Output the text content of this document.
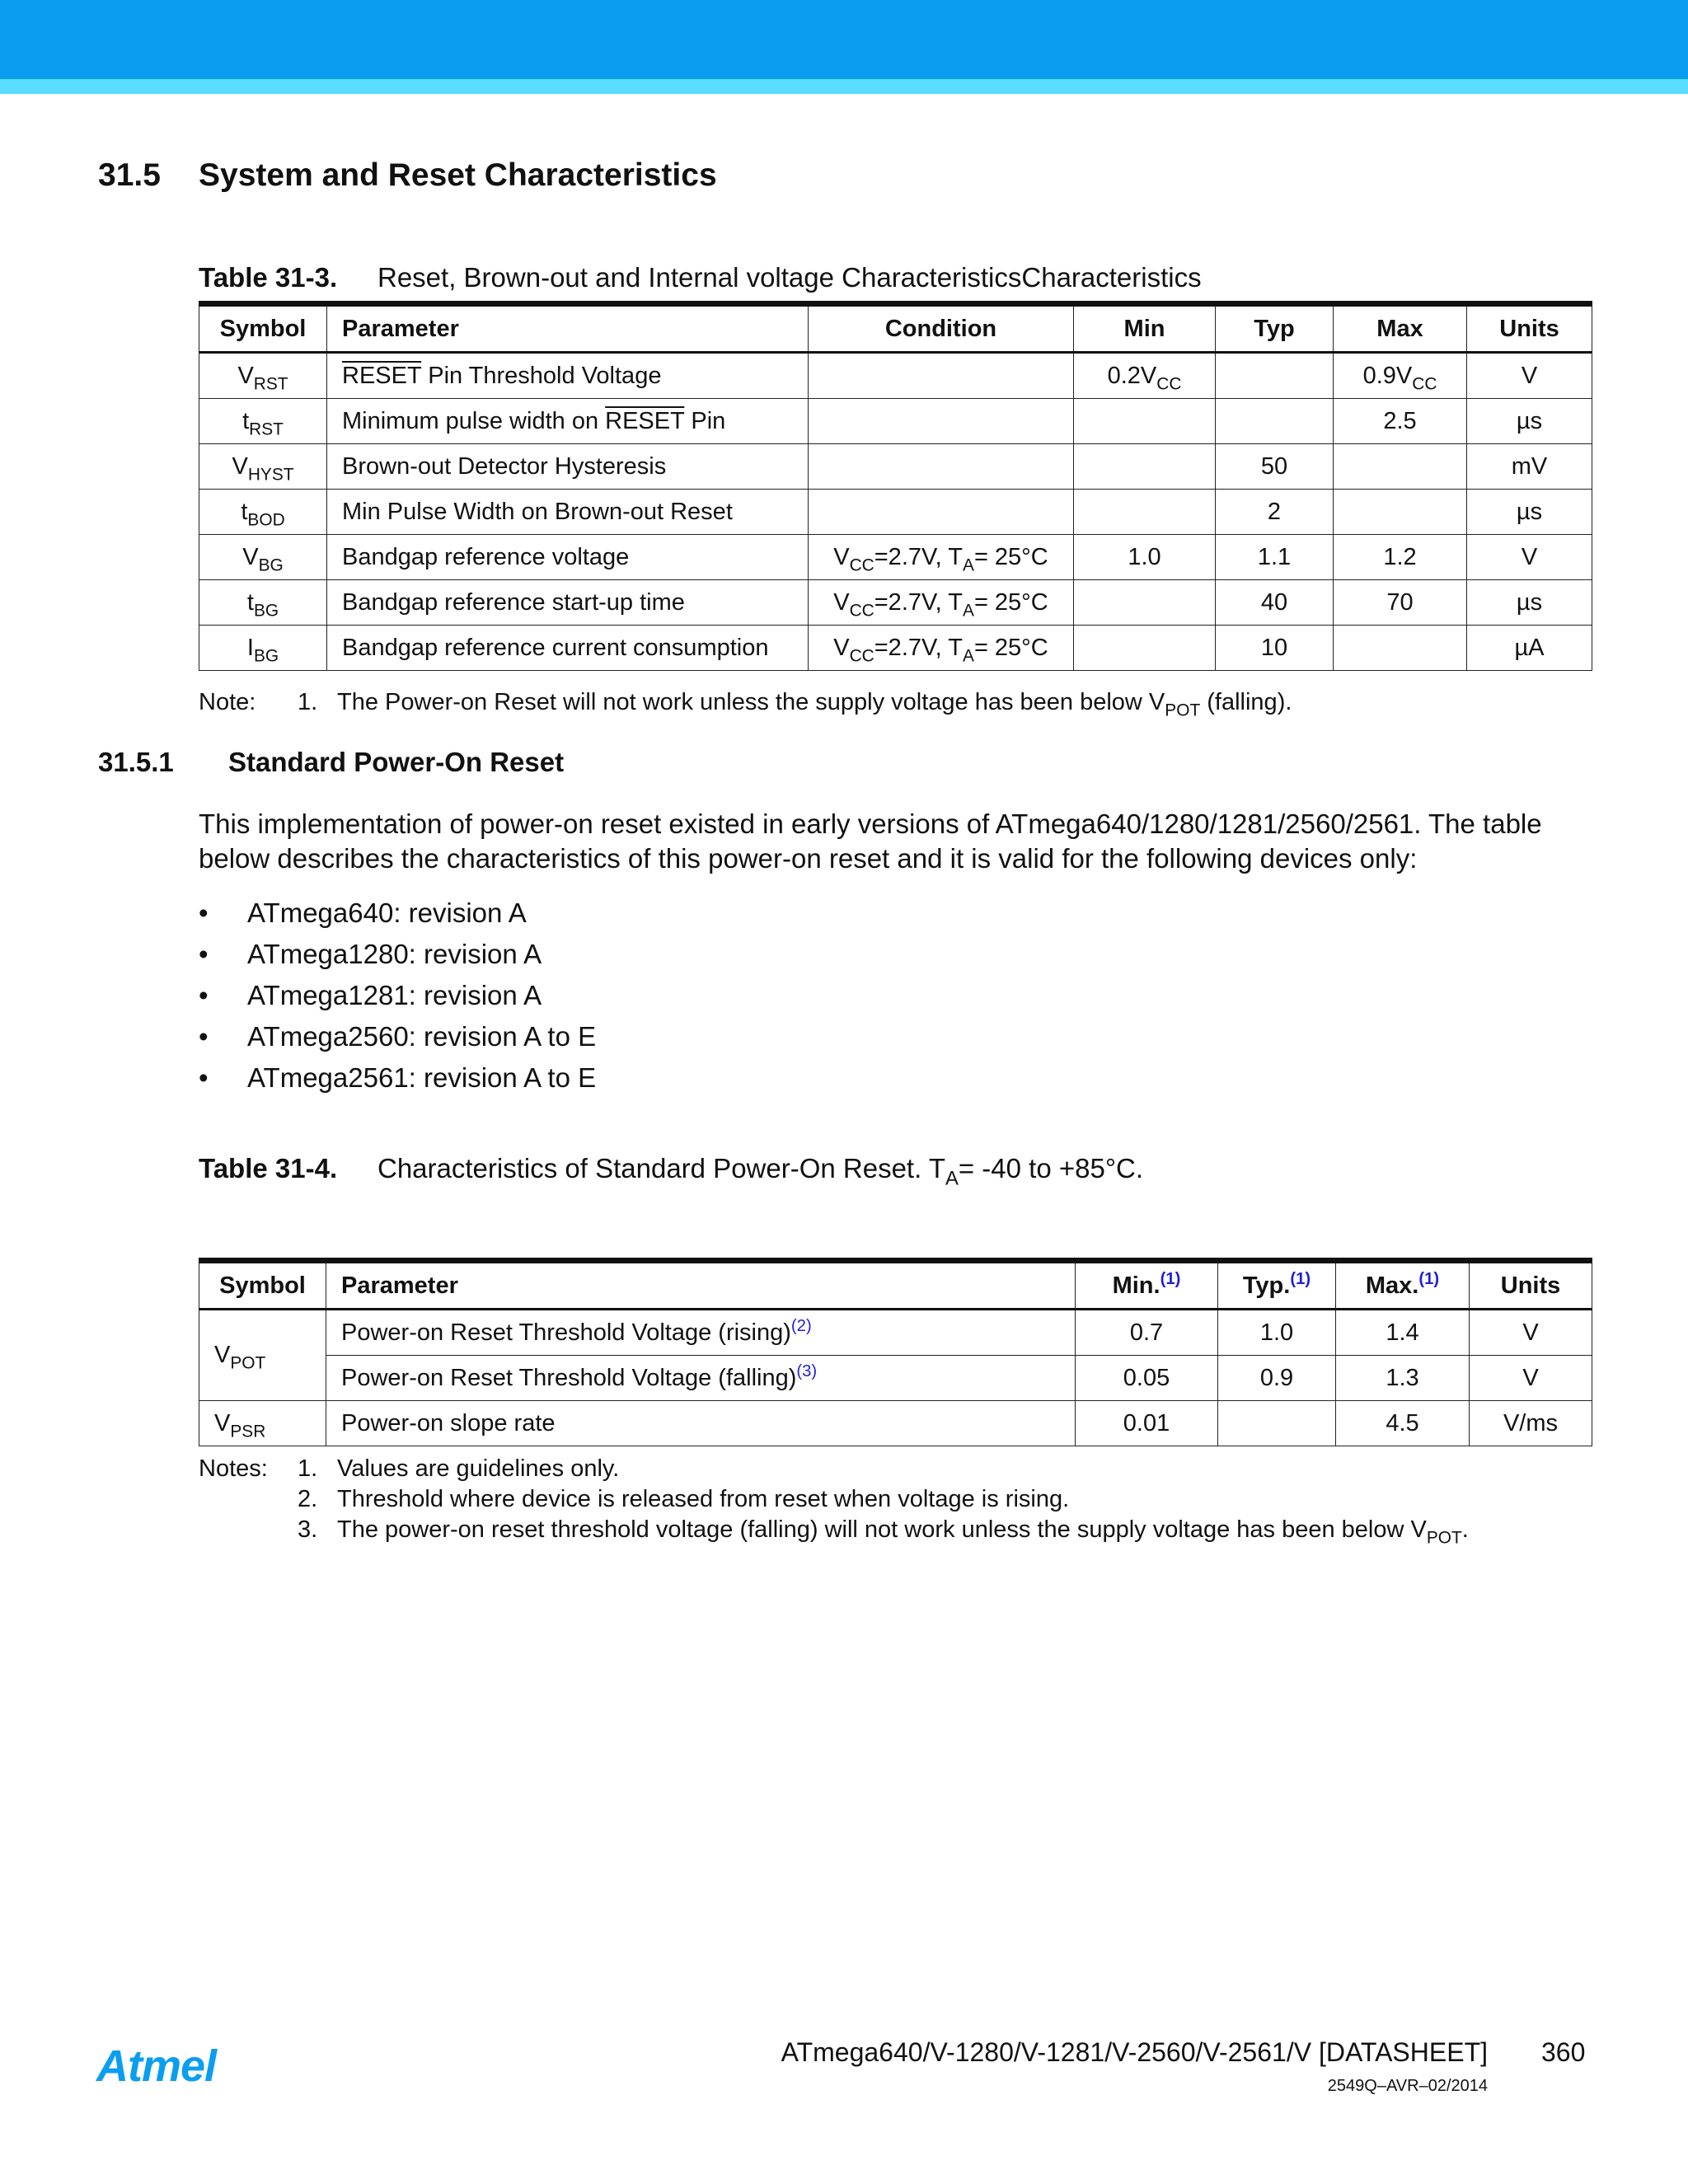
31.5 System and Reset Characteristics
Table 31-3. Reset, Brown-out and Internal voltage CharacteristicsCharacteristics
Symbol	Parameter	Condition	Min	Typ	Max	Units
$V_{RST}$	RESET Pin Threshold Voltage		$0.2V_{CC}$		$0.9V_{CC}$	V
$t_{RST}$	Minimum pulse width on RESET Pin				2.5	µs
$V_{HYST}$	Brown-out Detector Hysteresis			50		mV
$t_{BOD}$	Min Pulse Width on Brown-out Reset			2		µs
$V_{BG}$	Bandgap reference voltage	$V_{CC}=2.7V$, $T_A= 25^\circ C$	1.0	1.1	1.2	V
$t_{BG}$	Bandgap reference start-up time	$V_{CC}=2.7V$, $T_A= 25^\circ C$		40	70	µs
$I_{BG}$	Bandgap reference current consumption	$V_{CC}=2.7V$, $T_A= 25^\circ C$		10		µA
Note: 1. The Power-on Reset will not work unless the supply voltage has been below $V_{POT}$ (falling).
31.5.1 Standard Power-On Reset
This implementation of power-on reset existed in early versions of ATmega640/1280/1281/2560/2561. The table below describes the characteristics of this power-on reset and it is valid for the following devices only:
• ATmega640: revision A
• ATmega1280: revision A
• ATmega1281: revision A
• ATmega2560: revision A to E
• ATmega2561: revision A to E
Table 31-4. Characteristics of Standard Power-On Reset. $T_A= -40$ to +85°C.
Symbol	Parameter	Min.$^{(1)}$	Typ.$^{(1)}$	Max.$^{(1)}$	Units
$V_{POT}$	Power-on Reset Threshold Voltage (rising)$^{(2)}$	0.7	1.0	1.4	V
	Power-on Reset Threshold Voltage (falling)$^{(3)}$	0.05	0.9	1.3	V
$V_{PSR}$	Power-on slope rate	0.01		4.5	V/ms
Notes: 1. Values are guidelines only.
2. Threshold where device is released from reset when voltage is rising.
3. The power-on reset threshold voltage (falling) will not work unless the supply voltage has been below $V_{POT}$.
Atmel	ATmega640/V-1280/V-1281/V-2560/V-2561/V [DATASHEET] 360
2549Q–AVR–02/2014
